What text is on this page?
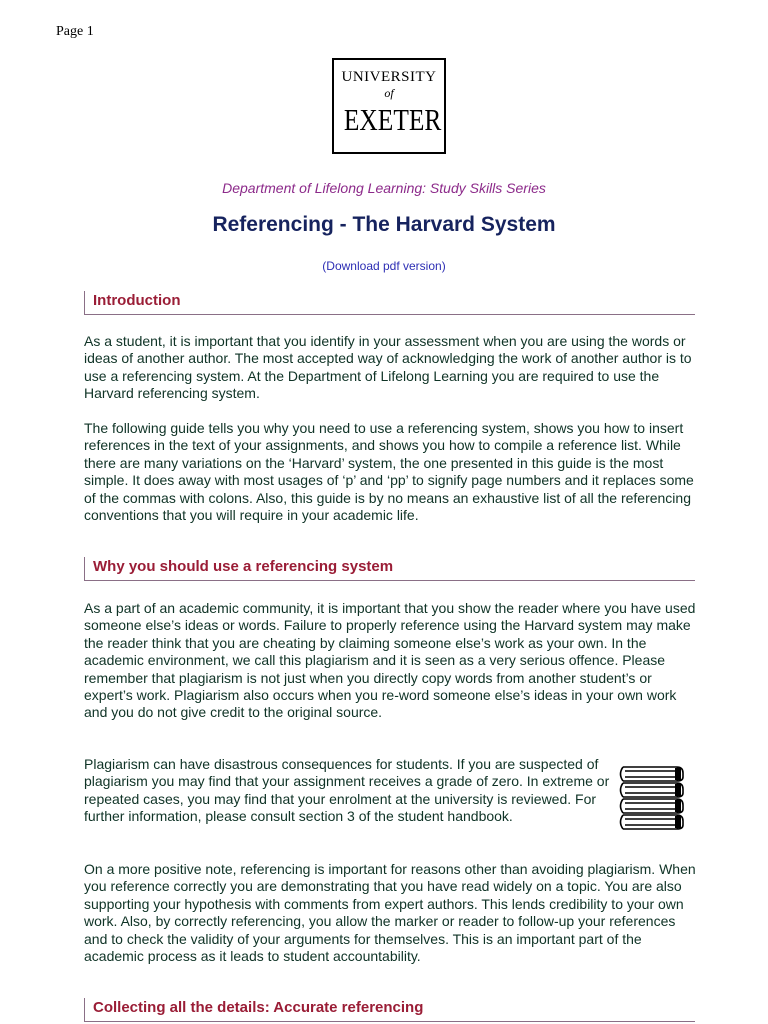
Page 1
UNIVERSITY
of
EXETER
Department of Lifelong Learning: Study Skills Series
Referencing - The Harvard System
(Download pdf version)
Introduction

As a student, it is important that you identify in your assessment when you are using the words or ideas of another author. The most accepted way of acknowledging the work of another author is to use a referencing system. At the Department of Lifelong Learning you are required to use the Harvard referencing system.

The following guide tells you why you need to use a referencing system, shows you how to insert references in the text of your assignments, and shows you how to compile a reference list. While there are many variations on the ‘Harvard’ system, the one presented in this guide is the most simple. It does away with most usages of ‘p’ and ‘pp’ to signify page numbers and it replaces some of the commas with colons. Also, this guide is by no means an exhaustive list of all the referencing conventions that you will require in your academic life.

Why you should use a referencing system

As a part of an academic community, it is important that you show the reader where you have used someone else’s ideas or words. Failure to properly reference using the Harvard system may make the reader think that you are cheating by claiming someone else’s work as your own. In the academic environment, we call this plagiarism and it is seen as a very serious offence. Please remember that plagiarism is not just when you directly copy words from another student’s or expert’s work. Plagiarism also occurs when you re-word someone else’s ideas in your own work and you do not give credit to the original source.

Plagiarism can have disastrous consequences for students. If you are suspected of plagiarism you may find that your assignment receives a grade of zero. In extreme or repeated cases, you may find that your enrolment at the university is reviewed. For further information, please consult section 3 of the student handbook.

On a more positive note, referencing is important for reasons other than avoiding plagiarism. When you reference correctly you are demonstrating that you have read widely on a topic. You are also supporting your hypothesis with comments from expert authors. This lends credibility to your own work. Also, by correctly referencing, you allow the marker or reader to follow-up your references and to check the validity of your arguments for themselves. This is an important part of the academic process as it leads to student accountability.

Collecting all the details: Accurate referencing
